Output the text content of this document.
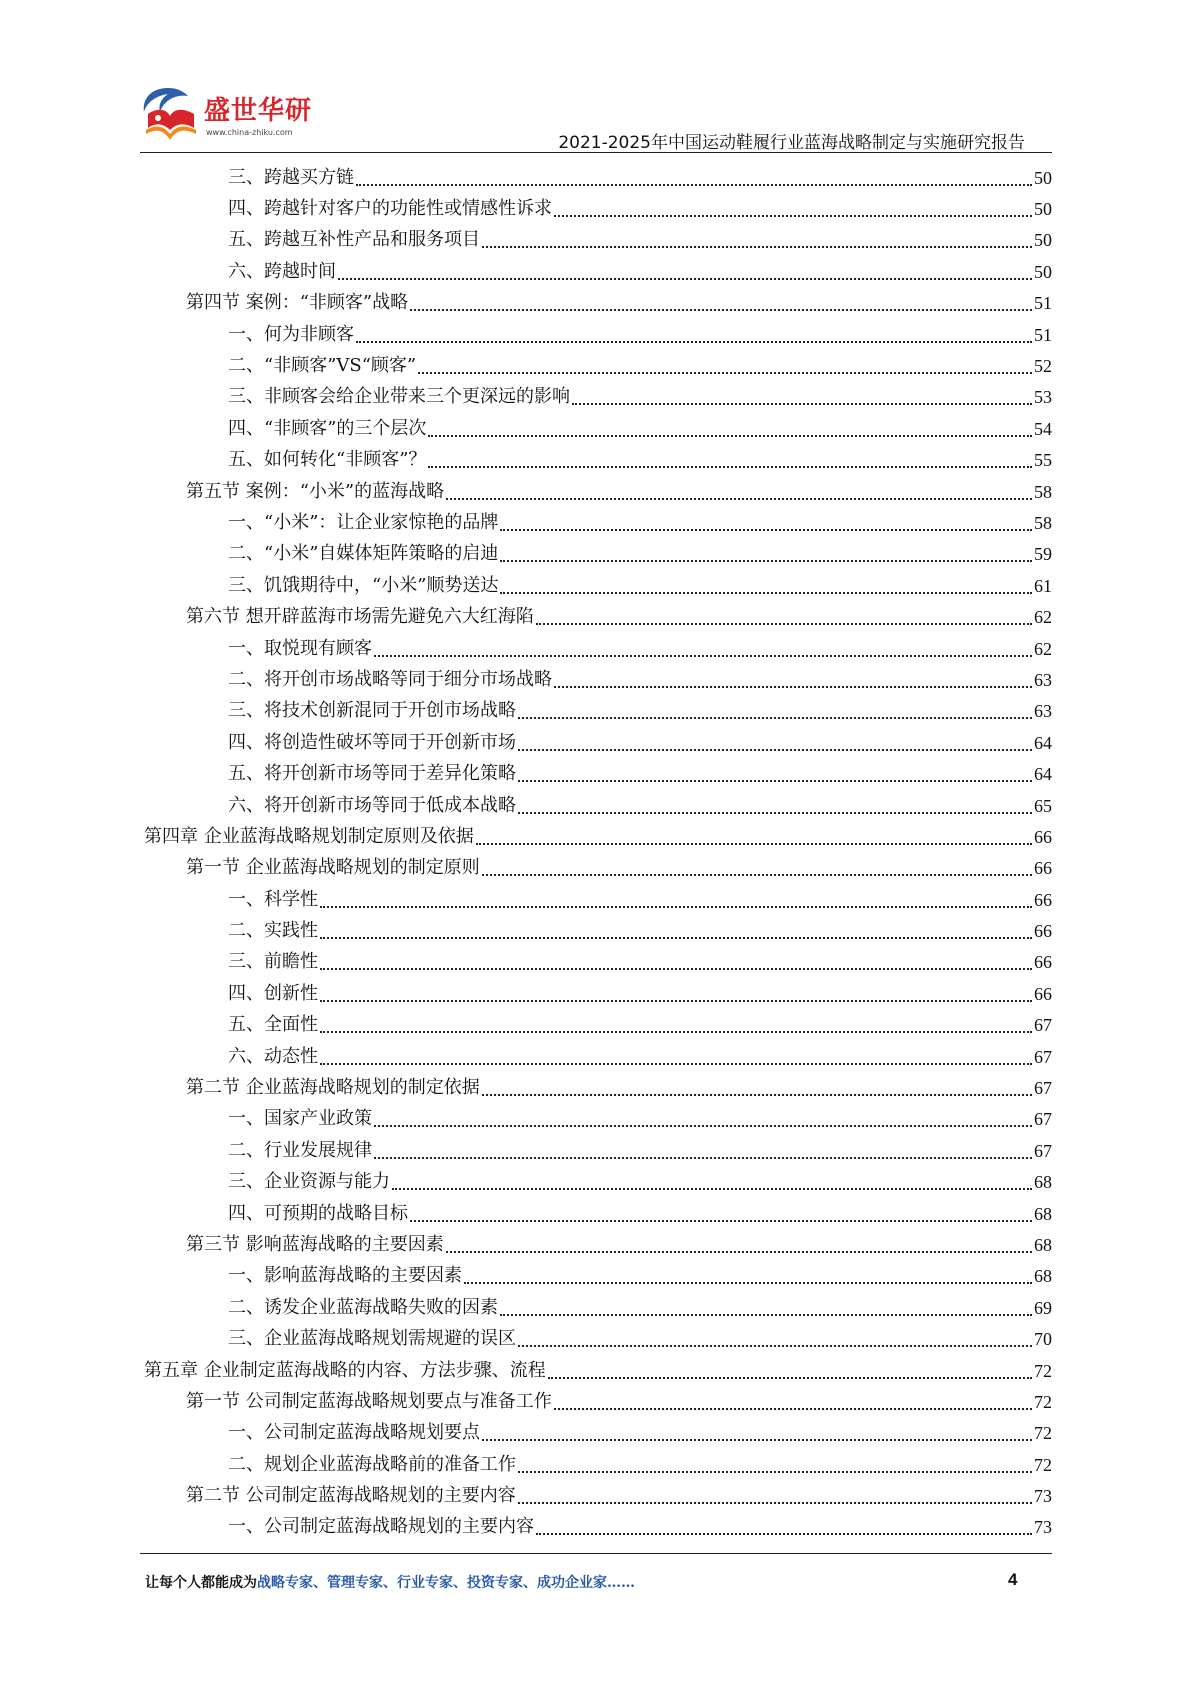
盛世华研
www.china-zhiku.com
2021-2025年中国运动鞋履行业蓝海战略制定与实施研究报告
三、跨越买方链	50
四、跨越针对客户的功能性或情感性诉求	50
五、跨越互补性产品和服务项目	50
六、跨越时间	50
第四节 案例：“非顾客”战略	51
一、何为非顾客	51
二、“非顾客”VS“顾客”	52
三、非顾客会给企业带来三个更深远的影响	53
四、“非顾客”的三个层次	54
五、如何转化“非顾客”？	55
第五节 案例：“小米”的蓝海战略	58
一、“小米”：让企业家惊艳的品牌	58
二、“小米”自媒体矩阵策略的启迪	59
三、饥饿期待中，“小米”顺势送达	61
第六节 想开辟蓝海市场需先避免六大红海陷	62
一、取悦现有顾客	62
二、将开创市场战略等同于细分市场战略	63
三、将技术创新混同于开创市场战略	63
四、将创造性破坏等同于开创新市场	64
五、将开创新市场等同于差异化策略	64
六、将开创新市场等同于低成本战略	65
第四章 企业蓝海战略规划制定原则及依据	66
第一节 企业蓝海战略规划的制定原则	66
一、科学性	66
二、实践性	66
三、前瞻性	66
四、创新性	66
五、全面性	67
六、动态性	67
第二节 企业蓝海战略规划的制定依据	67
一、国家产业政策	67
二、行业发展规律	67
三、企业资源与能力	68
四、可预期的战略目标	68
第三节 影响蓝海战略的主要因素	68
一、影响蓝海战略的主要因素	68
二、诱发企业蓝海战略失败的因素	69
三、企业蓝海战略规划需规避的误区	70
第五章 企业制定蓝海战略的内容、方法步骤、流程	72
第一节 公司制定蓝海战略规划要点与准备工作	72
一、公司制定蓝海战略规划要点	72
二、规划企业蓝海战略前的准备工作	72
第二节 公司制定蓝海战略规划的主要内容	73
一、公司制定蓝海战略规划的主要内容	73
让每个人都能成为战略专家、管理专家、行业专家、投资专家、成功企业家……	4
